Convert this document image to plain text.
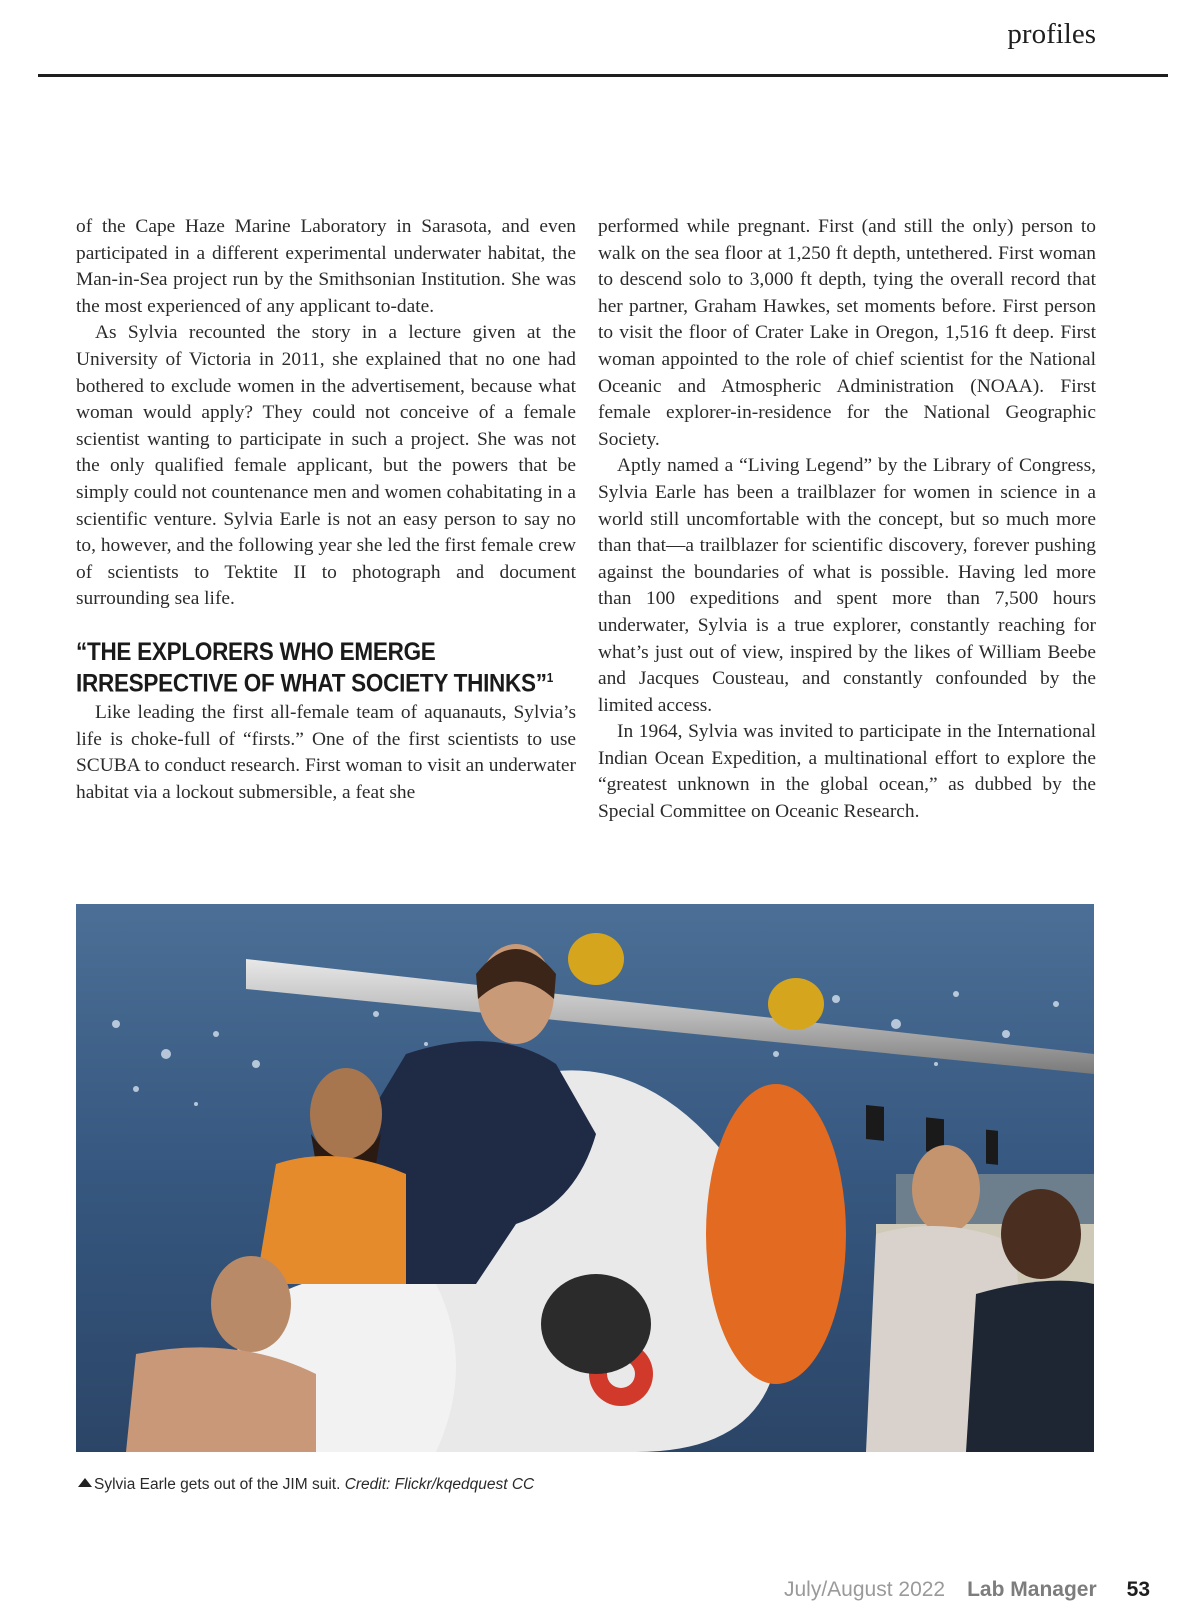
profiles

of the Cape Haze Marine Laboratory in Sarasota, and even participated in a different experimental underwater habitat, the Man-in-Sea project run by the Smithsonian Institution. She was the most experienced of any applicant to-date.

As Sylvia recounted the story in a lecture given at the University of Victoria in 2011, she explained that no one had bothered to exclude women in the advertisement, because what woman would apply? They could not conceive of a female scientist wanting to participate in such a project. She was not the only qualified female applicant, but the powers that be simply could not countenance men and women cohabitating in a scientific venture. Sylvia Earle is not an easy person to say no to, however, and the following year she led the first female crew of scientists to Tektite II to photograph and document surrounding sea life.

“THE EXPLORERS WHO EMERGE IRRESPECTIVE OF WHAT SOCIETY THINKS”$^1$

Like leading the first all-female team of aquanauts, Sylvia’s life is choke-full of “firsts.” One of the first scientists to use SCUBA to conduct research. First woman to visit an underwater habitat via a lockout submersible, a feat she

performed while pregnant. First (and still the only) person to walk on the sea floor at 1,250 ft depth, untethered. First woman to descend solo to 3,000 ft depth, tying the overall record that her partner, Graham Hawkes, set moments before. First person to visit the floor of Crater Lake in Oregon, 1,516 ft deep. First woman appointed to the role of chief scientist for the National Oceanic and Atmospheric Administration (NOAA). First female explorer-in-residence for the National Geographic Society.

Aptly named a “Living Legend” by the Library of Congress, Sylvia Earle has been a trailblazer for women in science in a world still uncomfortable with the concept, but so much more than that—a trailblazer for scientific discovery, forever pushing against the boundaries of what is possible. Having led more than 100 expeditions and spent more than 7,500 hours underwater, Sylvia is a true explorer, constantly reaching for what’s just out of view, inspired by the likes of William Beebe and Jacques Cousteau, and constantly confounded by the limited access.

In 1964, Sylvia was invited to participate in the International Indian Ocean Expedition, a multinational effort to explore the “greatest unknown in the global ocean,” as dubbed by the Special Committee on Oceanic Research.

Sylvia Earle gets out of the JIM suit. Credit: Flickr/kqedquest CC
July/August 2022 Lab Manager 53
